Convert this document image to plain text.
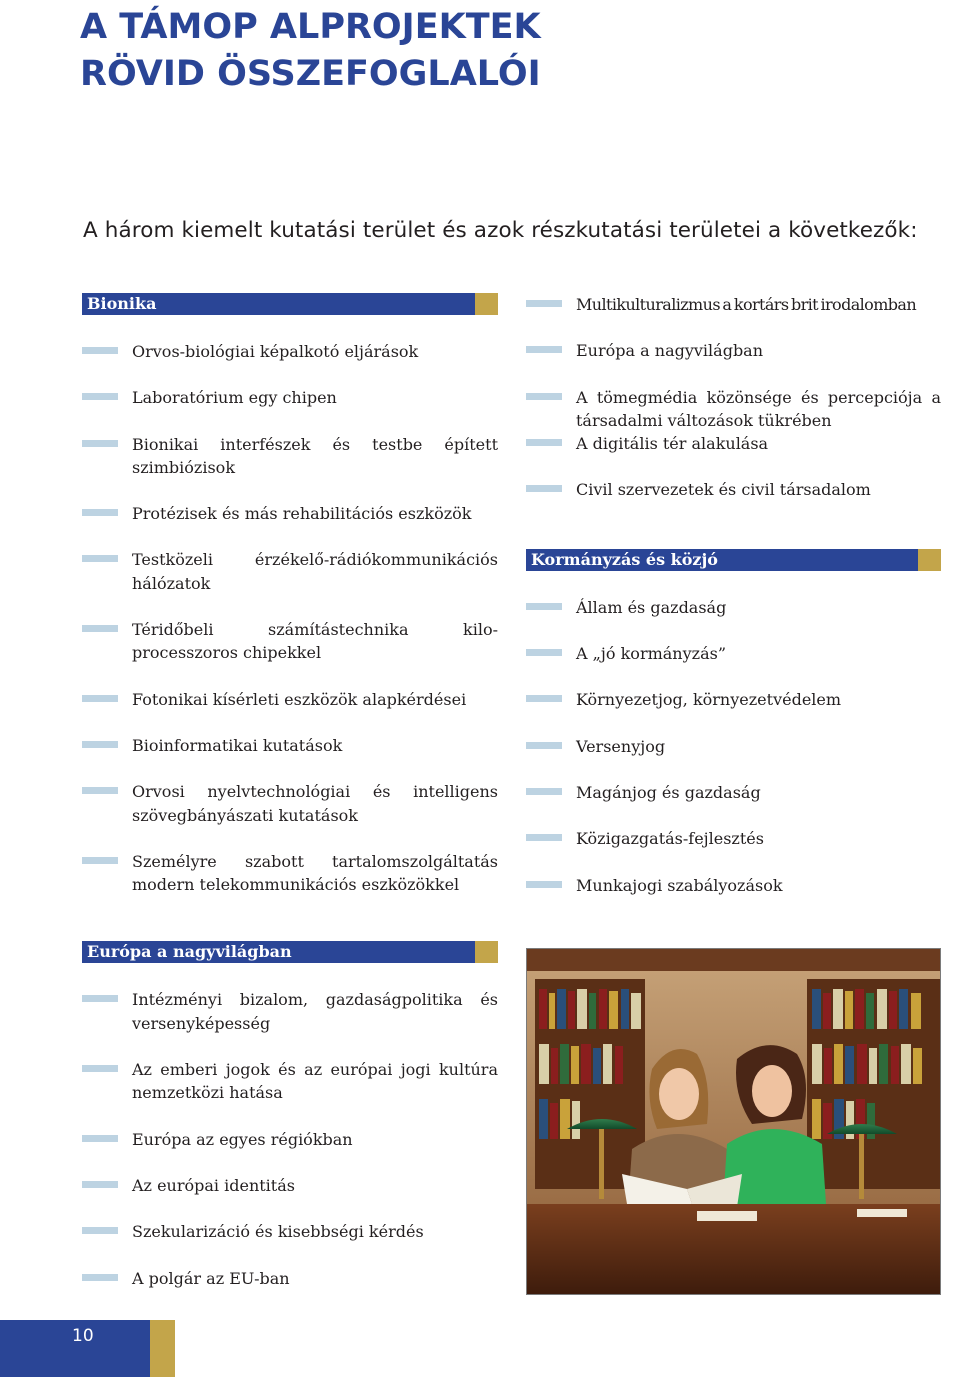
A TÁMOP ALPROJEKTEK
RÖVID ÖSSZEFOGLALÓI
A három kiemelt kutatási terület és azok részkutatási területei a következők:
Bionika
Orvos-biológiai képalkotó eljárások
Laboratórium egy chipen
Bionikai interfészek és testbe épített szimbiózisok
Protézisek és más rehabilitációs eszközök
Testközeli érzékelő-rádiókommunikációs hálózatok
Téridőbeli számítástechnika kilo-processzoros chipekkel
Fotonikai kísérleti eszközök alapkérdései
Bioinformatikai kutatások
Orvosi nyelvtechnológiai és intelligens szövegbányászati kutatások
Személyre szabott tartalomszolgáltatás modern telekommunikációs eszközökkel
Európa a nagyvilágban
Intézményi bizalom, gazdaságpolitika és versenyképesség
Az emberi jogok és az európai jogi kultúra nemzetközi hatása
Európa az egyes régiókban
Az európai identitás
Szekularizáció és kisebbségi kérdés
A polgár az EU-ban
Multikulturalizmus a kortárs brit irodalomban
Európa a nagyvilágban
A tömegmédia közönsége és percepciója a társadalmi változások tükrében
A digitális tér alakulása
Civil szervezetek és civil társadalom
Kormányzás és közjó
Állam és gazdaság
A „jó kormányzás”
Környezetjog, környezetvédelem
Versenyjog
Magánjog és gazdaság
Közigazgatás-fejlesztés
Munkajogi szabályozások
10
